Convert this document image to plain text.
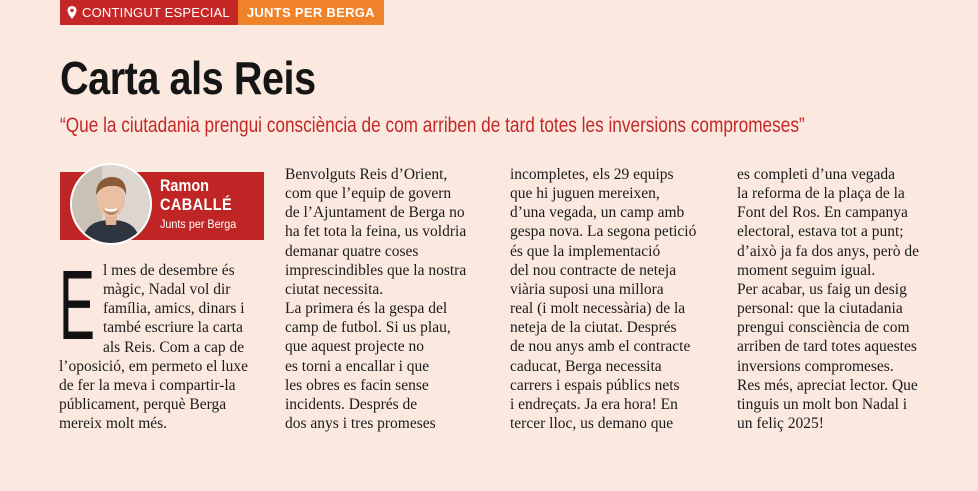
CONTINGUT ESPECIAL	JUNTS PER BERGA
Carta als Reis

“Que la ciutadania prengui consciència de com arriben de tard totes les inversions compromeses”

Ramon
CABALLÉ
Junts per Berga
E l mes de desembre és
màgic, Nadal vol dir
família, amics, dinars i
també escriure la carta
als Reis. Com a cap de
l’oposició, em permeto el luxe
de fer la meva i compartir-la
públicament, perquè Berga
mereix molt més.

Benvolguts Reis d’Orient,
com que l’equip de govern
de l’Ajuntament de Berga no
ha fet tota la feina, us voldria
demanar quatre coses
imprescindibles que la nostra
ciutat necessita.
La primera és la gespa del
camp de futbol. Si us plau,
que aquest projecte no
es torni a encallar i que
les obres es facin sense
incidents. Després de
dos anys i tres promeses

incompletes, els 29 equips
que hi juguen mereixen,
d’una vegada, un camp amb
gespa nova. La segona petició
és que la implementació
del nou contracte de neteja
viària suposi una millora
real (i molt necessària) de la
neteja de la ciutat. Després
de nou anys amb el contracte
caducat, Berga necessita
carrers i espais públics nets
i endreçats. Ja era hora! En
tercer lloc, us demano que

es completi d’una vegada
la reforma de la plaça de la
Font del Ros. En campanya
electoral, estava tot a punt;
d’això ja fa dos anys, però de
moment seguim igual.
Per acabar, us faig un desig
personal: que la ciutadania
prengui consciència de com
arriben de tard totes aquestes
inversions compromeses.
Res més, apreciat lector. Que
tinguis un molt bon Nadal i
un feliç 2025!
